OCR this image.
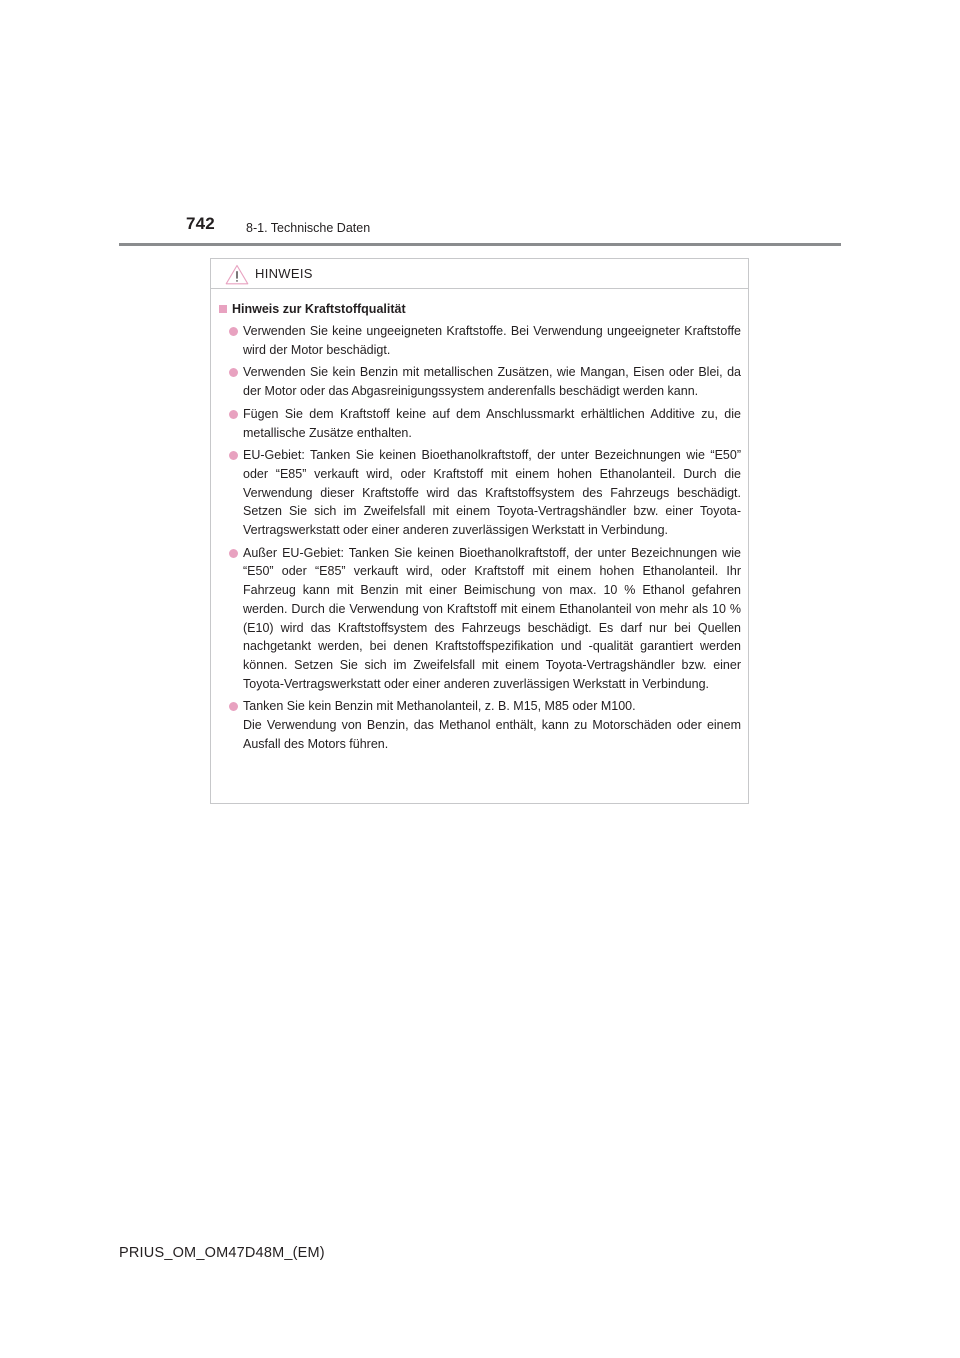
742 8-1. Technische Daten
HINWEIS
Hinweis zur Kraftstoffqualität
Verwenden Sie keine ungeeigneten Kraftstoffe. Bei Verwendung ungeeigneter Kraftstoffe wird der Motor beschädigt.
Verwenden Sie kein Benzin mit metallischen Zusätzen, wie Mangan, Eisen oder Blei, da der Motor oder das Abgasreinigungssystem anderenfalls beschädigt werden kann.
Fügen Sie dem Kraftstoff keine auf dem Anschlussmarkt erhältlichen Additive zu, die metallische Zusätze enthalten.
EU-Gebiet: Tanken Sie keinen Bioethanolkraftstoff, der unter Bezeichnungen wie “E50” oder “E85” verkauft wird, oder Kraftstoff mit einem hohen Ethanolanteil. Durch die Verwendung dieser Kraftstoffe wird das Kraftstoffsystem des Fahrzeugs beschädigt. Setzen Sie sich im Zweifelsfall mit einem Toyota-Vertragshändler bzw. einer Toyota-Vertragswerkstatt oder einer anderen zuverlässigen Werkstatt in Verbindung.
Außer EU-Gebiet: Tanken Sie keinen Bioethanolkraftstoff, der unter Bezeichnungen wie “E50” oder “E85” verkauft wird, oder Kraftstoff mit einem hohen Ethanolanteil. Ihr Fahrzeug kann mit Benzin mit einer Beimischung von max. 10 % Ethanol gefahren werden. Durch die Verwendung von Kraftstoff mit einem Ethanolanteil von mehr als 10 % (E10) wird das Kraftstoffsystem des Fahrzeugs beschädigt. Es darf nur bei Quellen nachgetankt werden, bei denen Kraftstoffspezifikation und -qualität garantiert werden können. Setzen Sie sich im Zweifelsfall mit einem Toyota-Vertragshändler bzw. einer Toyota-Vertragswerkstatt oder einer anderen zuverlässigen Werkstatt in Verbindung.
Tanken Sie kein Benzin mit Methanolanteil, z. B. M15, M85 oder M100.
Die Verwendung von Benzin, das Methanol enthält, kann zu Motorschäden oder einem Ausfall des Motors führen.
PRIUS_OM_OM47D48M_(EM)
